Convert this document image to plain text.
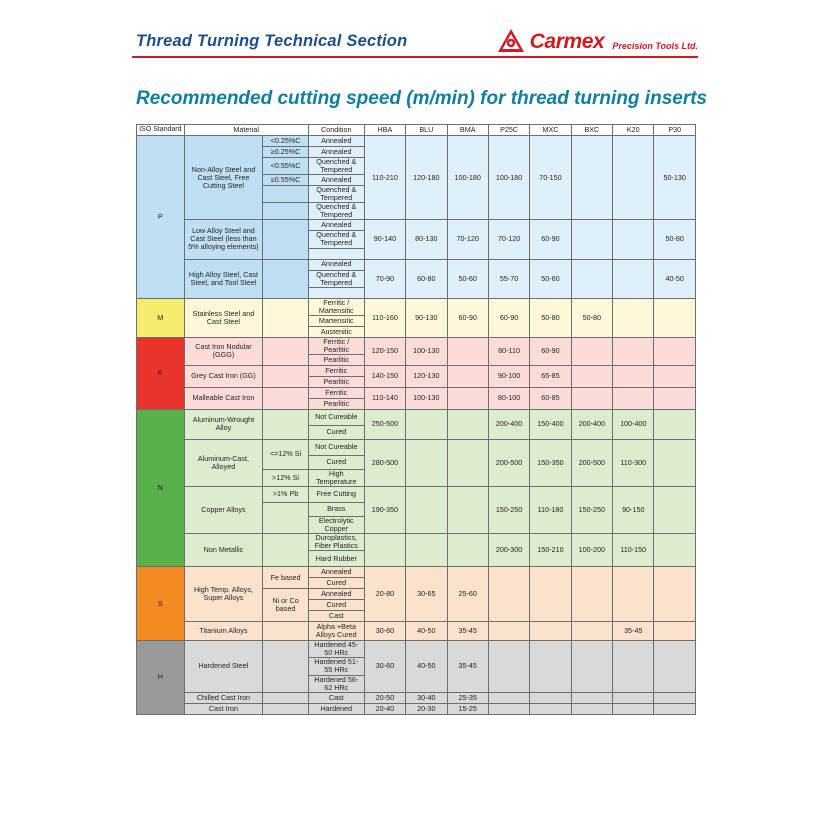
Thread Turning Technical Section	Carmex Precision Tools Ltd.
Recommended cutting speed (m/min) for thread turning inserts
ISO Standard	Material		Condition	HBA	BLU	BMA	P25C	MXC	BXC	K20	P30
P	Non-Alloy Steel and Cast Steel, Free Cutting Steel	<0.25%C	Annealed	110-210	120-180	100-180	100-180	70-150			50-130
		≥0.25%C	Annealed								
		<0.55%C	Quenched & Tempered								
		≥0.55%C	Annealed								
			Quenched & Tempered								
			Quenched & Tempered								
	Low Alloy Steel and Cast Steel (less than 5% alloying elements)		Annealed	90-140	80-130	70-120	70-120	60-90			50-80
			Quenched & Tempered								

	High Alloy Steel, Cast Steel, and Tool Steel		Annealed	70-90	60-80	50-60	55-70	50-60			40-50
			Quenched & Tempered								

M	Stainless Steel and Cast Steel		Ferritic / Martensitic	110-160	90-130	60-90	60-90	50-80	50-80		
			Martensitic								
			Austenitic								
K	Cast Iron Nodular (GGG)		Ferritic / Pearlitic	120-150	100-130		80-110	60-90			
			Pearlitic								
	Grey Cast Iron (GG)		Ferritic	140-150	120-130		90-100	65-85			
			Pearlitic								
	Malleable Cast Iron		Ferritic	110-140	100-130		80-100	60-85			
			Pearlitic								
N	Aluminum-Wrought Alloy		Not Cureable	250-500			200-400	150-400	200-400	100-400	
			Cured								
	Aluminum-Cast, Alloyed	<=12% Si	Not Cureable	280-500			200-500	150-350	200-500	110-300	
			Cured								
		>12% Si	High Temperature								
	Copper Alloys	>1% Pb	Free Cutting	190-350			150-250	110-180	150-250	90-150	
			Brass								
			Electrolytic Copper								
	Non Metallic		Duroplastics, Fiber Plastics				200-300	150-210	100-200	110-150	
			Hard Rubber								
S	High Temp. Alloys, Super Alloys	Fe based	Annealed	20-80	30-65	25-60					
			Cured								
		Ni or Co based	Annealed								
			Cured								
			Cast								
	Titanium Alloys		Alpha +Beta Alloys Cured	30-60	40-50	35-45				35-45	
H	Hardened Steel		Hardened 45-50 HRc	30-60	40-50	35-45					
			Hardened 51-55 HRc								
			Hardened 56-62 HRc								
	Chilled Cast Iron		Cast	20-50	30-40	25-35					
	Cast Iron		Hardened	20-40	20-30	15-25					
